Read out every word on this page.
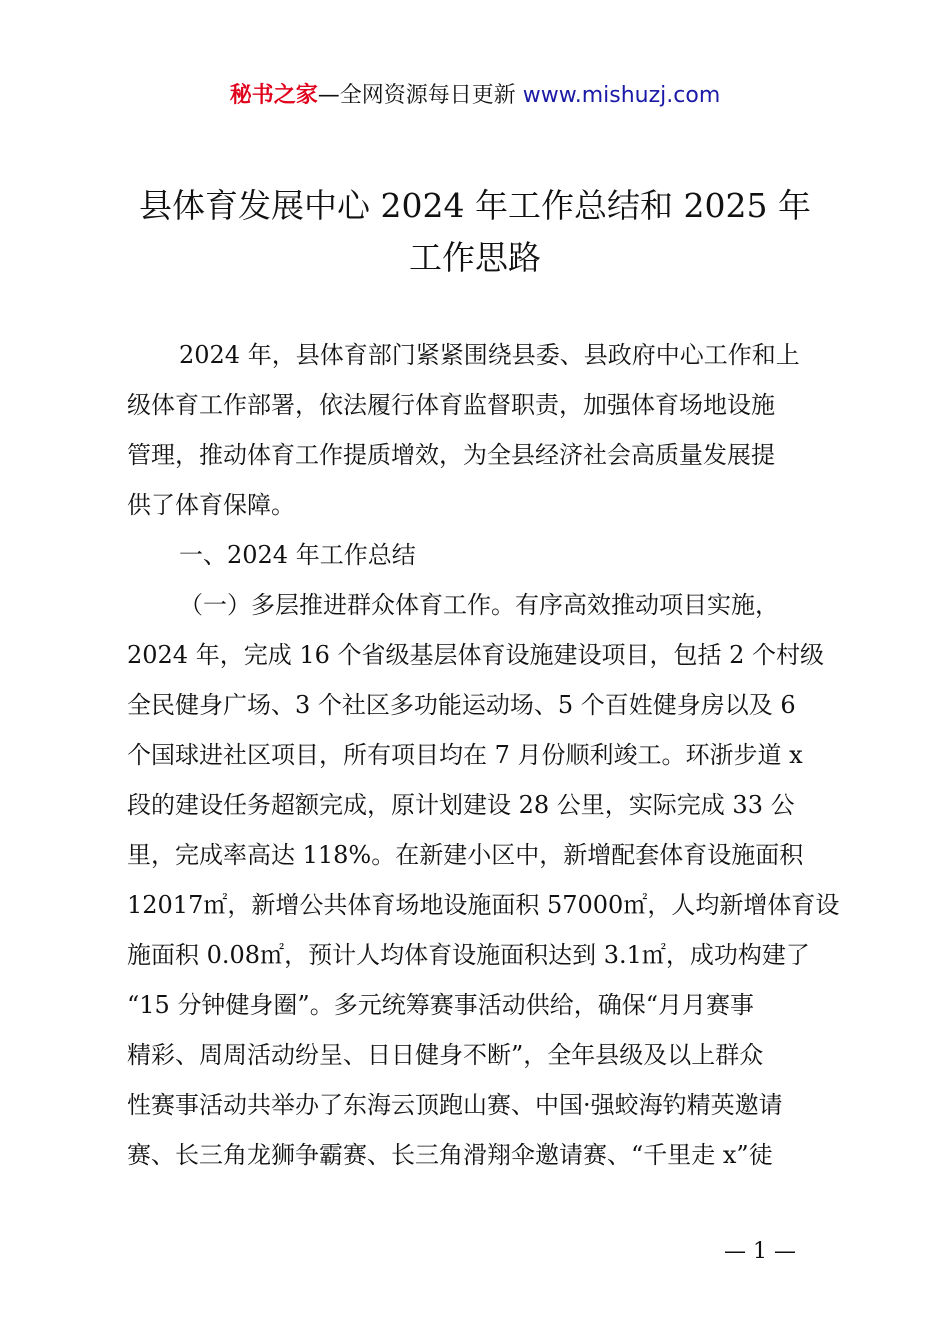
秘书之家—全网资源每日更新 www.mishuzj.com
县体育发展中心 2024 年工作总结和 2025 年
工作思路
2024 年，县体育部门紧紧围绕县委、县政府中心工作和上
级体育工作部署，依法履行体育监督职责，加强体育场地设施
管理，推动体育工作提质增效，为全县经济社会高质量发展提
供了体育保障。
一、2024 年工作总结
（一）多层推进群众体育工作。有序高效推动项目实施，
2024 年，完成 16 个省级基层体育设施建设项目，包括 2 个村级
全民健身广场、3 个社区多功能运动场、5 个百姓健身房以及 6
个国球进社区项目，所有项目均在 7 月份顺利竣工。环浙步道 x
段的建设任务超额完成，原计划建设 28 公里，实际完成 33 公
里，完成率高达 118%。在新建小区中，新增配套体育设施面积
12017㎡，新增公共体育场地设施面积 57000㎡，人均新增体育设
施面积 0.08㎡，预计人均体育设施面积达到 3.1㎡，成功构建了
“15 分钟健身圈”。多元统筹赛事活动供给，确保“月月赛事
精彩、周周活动纷呈、日日健身不断”，全年县级及以上群众
性赛事活动共举办了东海云顶跑山赛、中国·强蛟海钓精英邀请
赛、长三角龙狮争霸赛、长三角滑翔伞邀请赛、“千里走 x”徒
— 1 —
